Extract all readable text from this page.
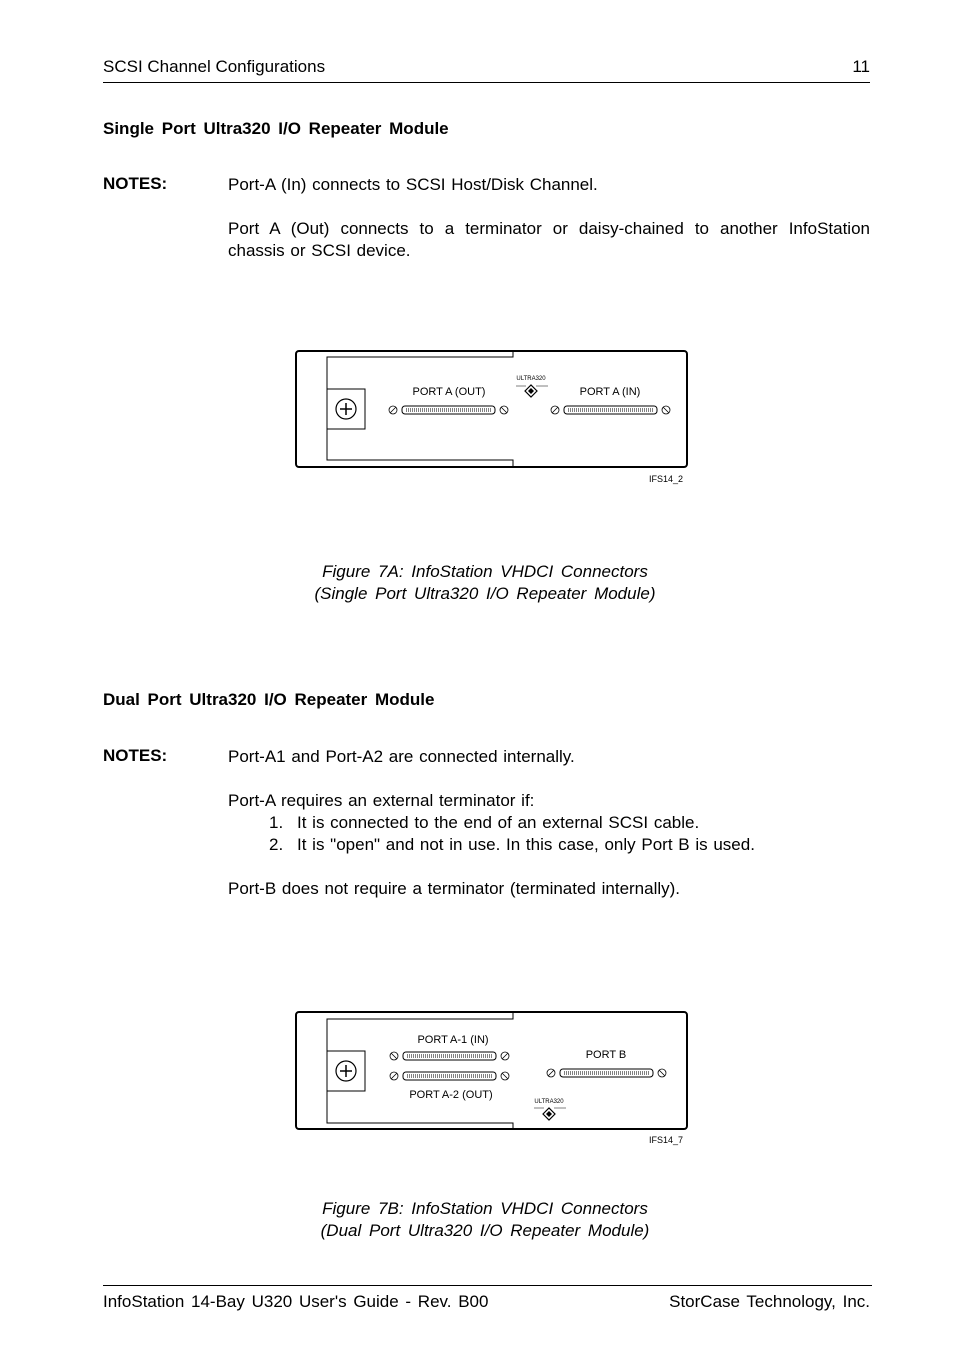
SCSI Channel Configurations	11
Single Port Ultra320 I/O Repeater Module
NOTES:	Port-A (In) connects to SCSI Host/Disk Channel.
Port A (Out) connects to a terminator or daisy-chained to another InfoStation chassis or SCSI device.
PORT A (OUT)
ULTRA320
PORT A (IN)
IFS14_2
Figure 7A: InfoStation VHDCI Connectors
(Single Port Ultra320 I/O Repeater Module)
Dual Port Ultra320 I/O Repeater Module
NOTES:	Port-A1 and Port-A2 are connected internally.
Port-A requires an external terminator if:
1. It is connected to the end of an external SCSI cable.
2. It is "open" and not in use. In this case, only Port B is used.
Port-B does not require a terminator (terminated internally).
PORT A-1 (IN)
PORT A-2 (OUT)
PORT B
ULTRA320
IFS14_7
Figure 7B: InfoStation VHDCI Connectors
(Dual Port Ultra320 I/O Repeater Module)
InfoStation 14-Bay U320 User's Guide - Rev. B00	StorCase Technology, Inc.
